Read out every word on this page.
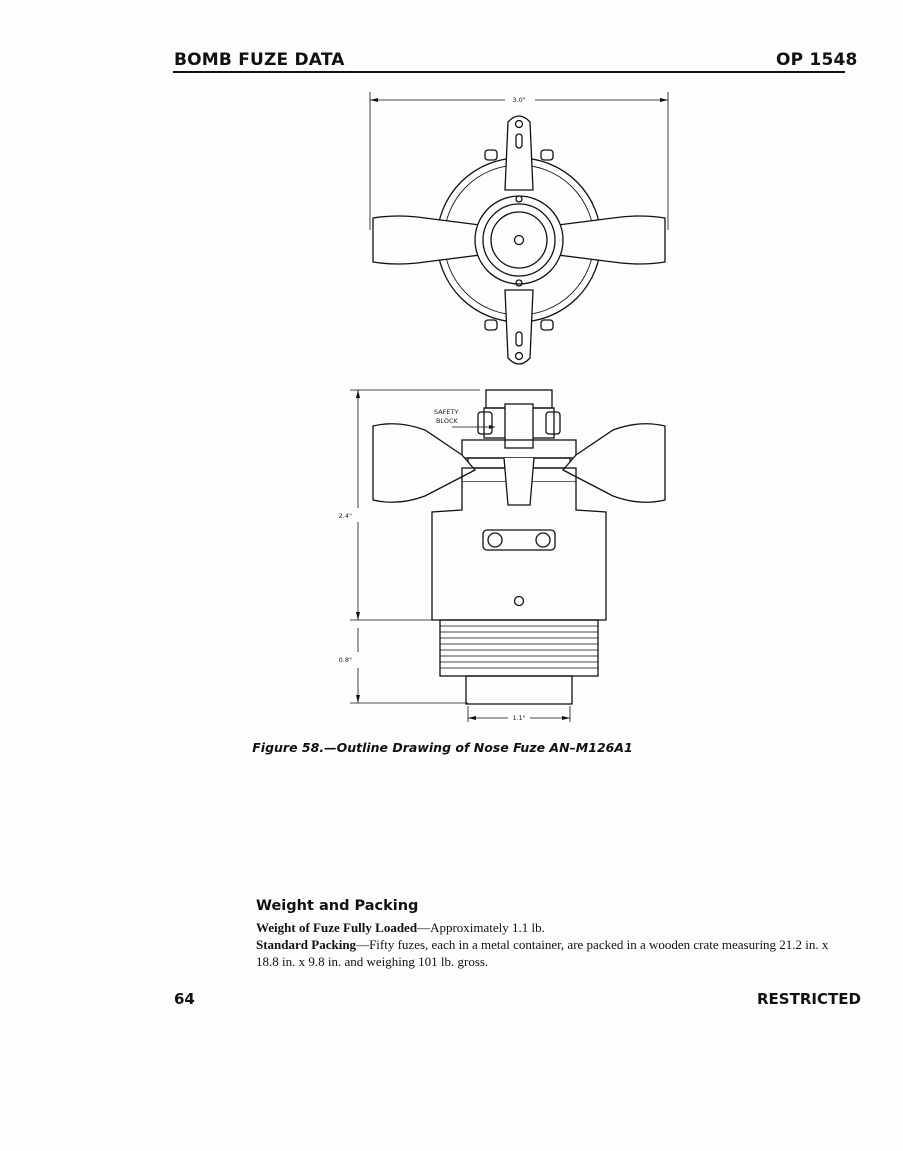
BOMB FUZE DATA	OP 1548
3.0"
2.4"
0.8"
1.1"
SAFETY
BLOCK
Figure 58.—Outline Drawing of Nose Fuze AN–M126A1
Weight and Packing

Weight of Fuze Fully Loaded—Approximately 1.1 lb.

Standard Packing—Fifty fuzes, each in a metal container, are packed in a wooden crate measuring 21.2 in. x 18.8 in. x 9.8 in. and weighing 101 lb. gross.

64	RESTRICTED
